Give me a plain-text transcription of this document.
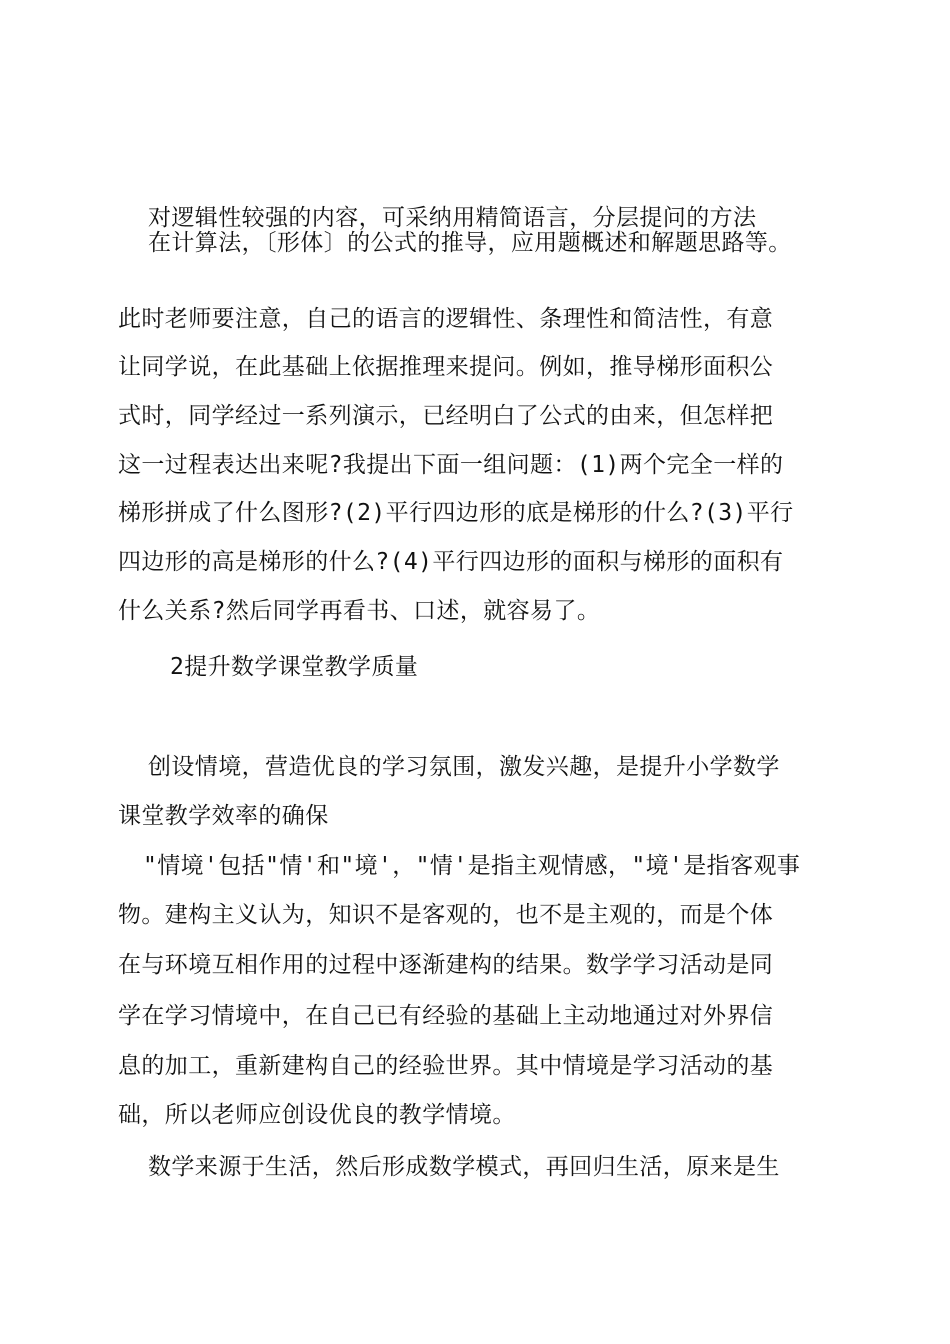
对逻辑性较强的内容，可采纳用精简语言，分层提问的方法
在计算法，〔形体〕的公式的推导，应用题概述和解题思路等。
此时老师要注意，自己的语言的逻辑性、条理性和简洁性，有意
让同学说，在此基础上依据推理来提问。例如，推导梯形面积公
式时，同学经过一系列演示，已经明白了公式的由来，但怎样把
这一过程表达出来呢?我提出下面一组问题：(1)两个完全一样的
梯形拼成了什么图形?(2)平行四边形的底是梯形的什么?(3)平行
四边形的高是梯形的什么?(4)平行四边形的面积与梯形的面积有
什么关系?然后同学再看书、口述，就容易了。
2提升数学课堂教学质量
创设情境，营造优良的学习氛围，激发兴趣，是提升小学数学
课堂教学效率的确保
"情境'包括"情'和"境'，"情'是指主观情感，"境'是指客观事
物。建构主义认为，知识不是客观的，也不是主观的，而是个体
在与环境互相作用的过程中逐渐建构的结果。数学学习活动是同
学在学习情境中，在自己已有经验的基础上主动地通过对外界信
息的加工，重新建构自己的经验世界。其中情境是学习活动的基
础，所以老师应创设优良的教学情境。
数学来源于生活，然后形成数学模式，再回归生活，原来是生
